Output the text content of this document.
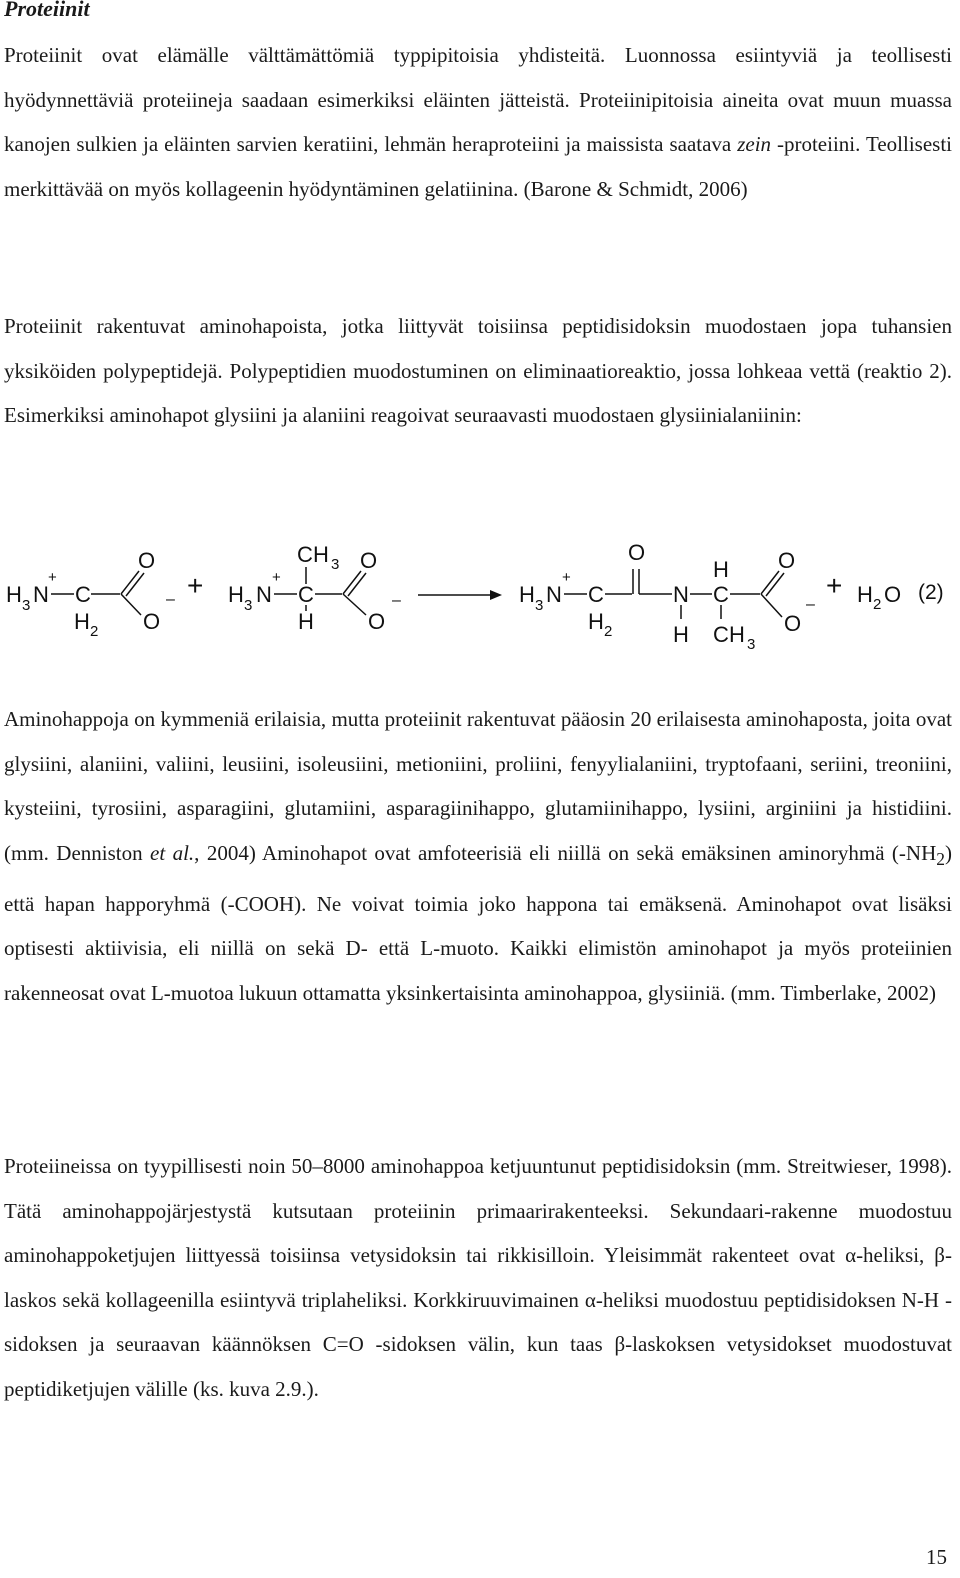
Proteiinit

Proteiinit ovat elämälle välttämättömiä typpipitoisia yhdisteitä. Luonnossa esiintyviä ja teollisesti hyödynnettäviä proteiineja saadaan esimerkiksi eläinten jätteistä. Proteiinipitoisia aineita ovat muun muassa kanojen sulkien ja eläinten sarvien keratiini, lehmän heraproteiini ja maissista saatava zein -proteiini. Teollisesti merkittävää on myös kollageenin hyödyntäminen gelatiinina. (Barone & Schmidt, 2006)

Proteiinit rakentuvat aminohapoista, jotka liittyvät toisiinsa peptidisidoksin muodostaen jopa tuhansien yksiköiden polypeptidejä. Polypeptidien muodostuminen on eliminaatioreaktio, jossa lohkeaa vettä (reaktio 2). Esimerkiksi aminohapot glysiini ja alaniini reagoivat seuraavasti muodostaen glysiinialaniinin:

H 3 N
+
C
H 2
O
O
– +
C H 3
H 3 N
+
C
H
O
O
–	H 3 N
+
C
H 2
O
N
H
H
C
C H 3
O
O
–
+ H 2 O (2)

Aminohappoja on kymmeniä erilaisia, mutta proteiinit rakentuvat pääosin 20 erilaisesta aminohaposta, joita ovat glysiini, alaniini, valiini, leusiini, isoleusiini, metioniini, proliini, fenyylialaniini, tryptofaani, seriini, treoniini, kysteiini, tyrosiini, asparagiini, glutamiini, asparagiinihappo, glutamiinihappo, lysiini, arginiini ja histidiini. (mm. Denniston et al., 2004) Aminohapot ovat amfoteerisiä eli niillä on sekä emäksinen aminoryhmä $(-NH_2)$ että hapan happoryhmä (-COOH). Ne voivat toimia joko happona tai emäksenä. Aminohapot ovat lisäksi optisesti aktiivisia, eli niillä on sekä D- että L-muoto. Kaikki elimistön aminohapot ja myös proteiinien rakenneosat ovat L-muotoa lukuun ottamatta yksinkertaisinta aminohappoa, glysiiniä. (mm. Timberlake, 2002)

Proteiineissa on tyypillisesti noin 50–8000 aminohappoa ketjuuntunut peptidisidoksin (mm. Streitwieser, 1998). Tätä aminohappojärjestystä kutsutaan proteiinin primaarirakenteeksi. Sekundaari-rakenne muodostuu aminohappoketjujen liittyessä toisiinsa vetysidoksin tai rikkisilloin. Yleisimmät rakenteet ovat α-heliksi, β-laskos sekä kollageenilla esiintyvä triplaheliksi. Korkkiruuvimainen α-heliksi muodostuu peptidisidoksen N-H -sidoksen ja seuraavan käännöksen C=O -sidoksen välin, kun taas β-laskoksen vetysidokset muodostuvat peptidiketjujen välille (ks. kuva 2.9.).

15
